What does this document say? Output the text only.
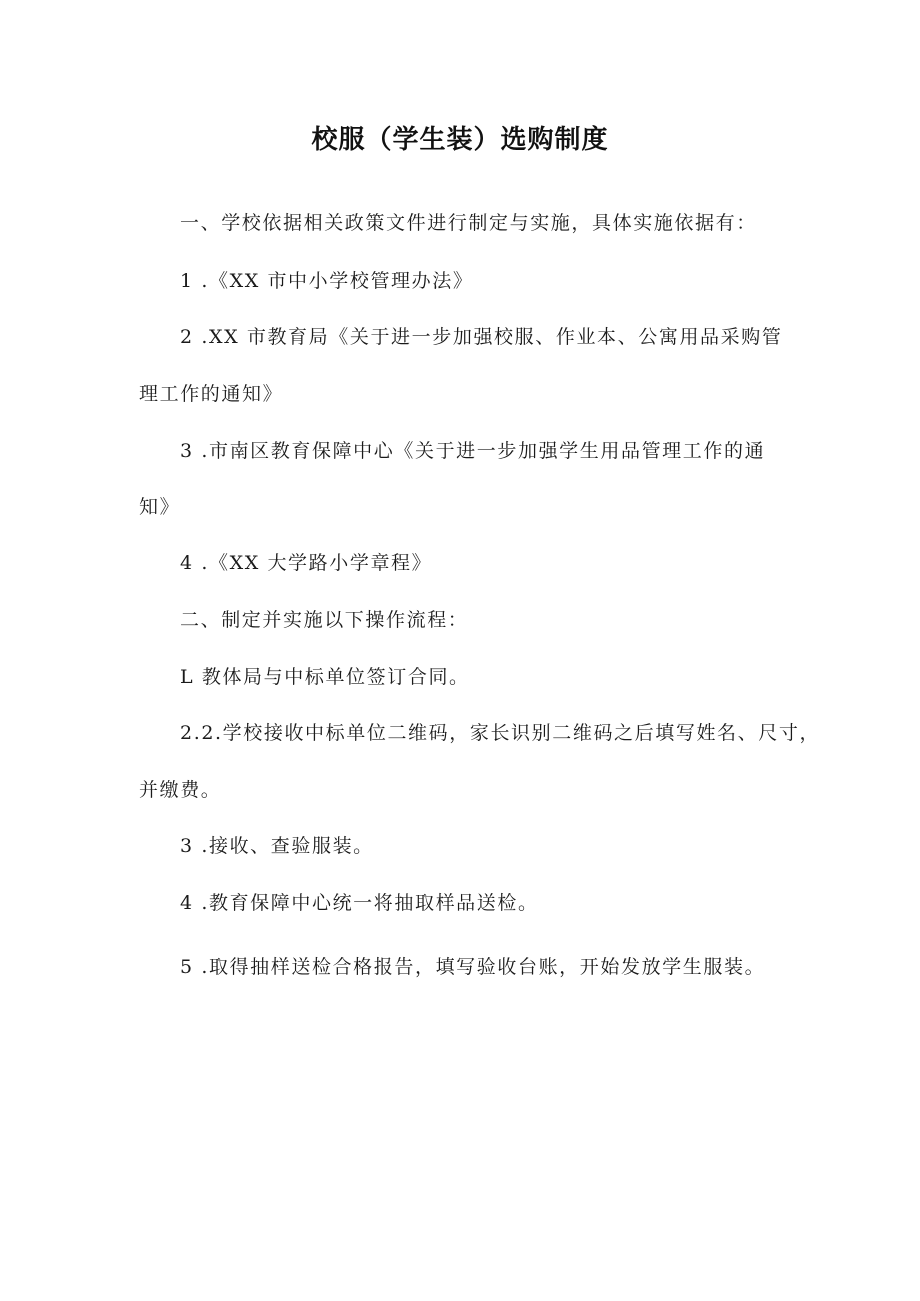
校服（学生装）选购制度
一、学校依据相关政策文件进行制定与实施，具体实施依据有：
1 .《XX 市中小学校管理办法》
2 .XX 市教育局《关于进一步加强校服、作业本、公寓用品采购管
理工作的通知》
3 .市南区教育保障中心《关于进一步加强学生用品管理工作的通
知》
4 .《XX 大学路小学章程》
二、制定并实施以下操作流程：
L 教体局与中标单位签订合同。
2.2.学校接收中标单位二维码，家长识别二维码之后填写姓名、尺寸，
并缴费。
3 .接收、查验服装。
4 .教育保障中心统一将抽取样品送检。
5 .取得抽样送检合格报告，填写验收台账，开始发放学生服装。
